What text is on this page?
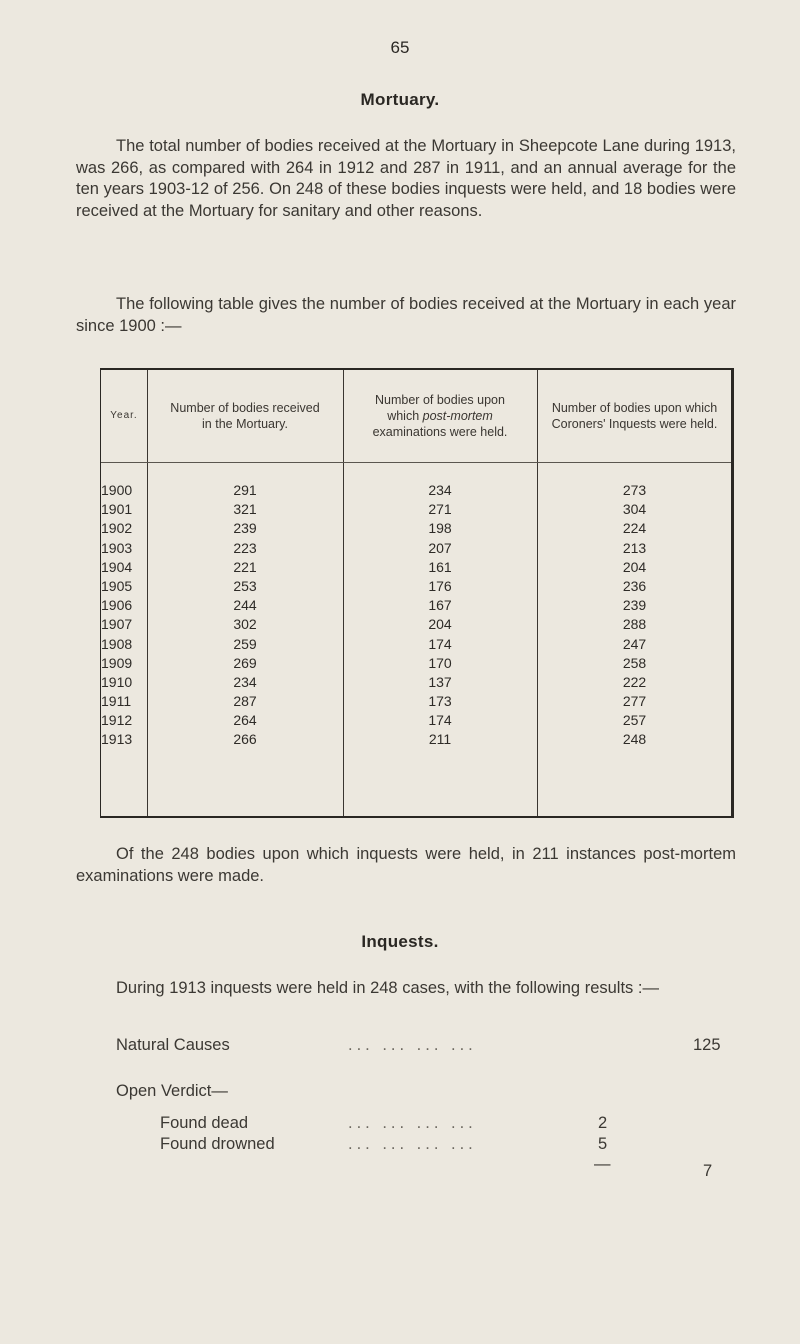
65
Mortuary.

The total number of bodies received at the Mortuary in Sheepcote Lane during 1913, was 266, as compared with 264 in 1912 and 287 in 1911, and an annual average for the ten years 1903-12 of 256. On 248 of these bodies inquests were held, and 18 bodies were received at the Mortuary for sanitary and other reasons.

The following table gives the number of bodies received at the Mortuary in each year since 1900 :—

Year.
Number of bodies received in the Mortuary.
Number of bodies upon which post-mortem examinations were held.
Number of bodies upon which Coroners' Inquests were held.
1900	291	234	273
1901	321	271	304
1902	239	198	224
1903	223	207	213
1904	221	161	204
1905	253	176	236
1906	244	167	239
1907	302	204	288
1908	259	174	247
1909	269	170	258
1910	234	137	222
1911	287	173	277
1912	264	174	257
1913	266	211	248

Of the 248 bodies upon which inquests were held, in 211 instances post-mortem examinations were made.

Inquests.

During 1913 inquests were held in 248 cases, with the following results :—

Natural Causes	... ... ... ...	125
Open Verdict—
Found dead	... ... ... ...	2
Found drowned	... ... ... ...	5
—	7
